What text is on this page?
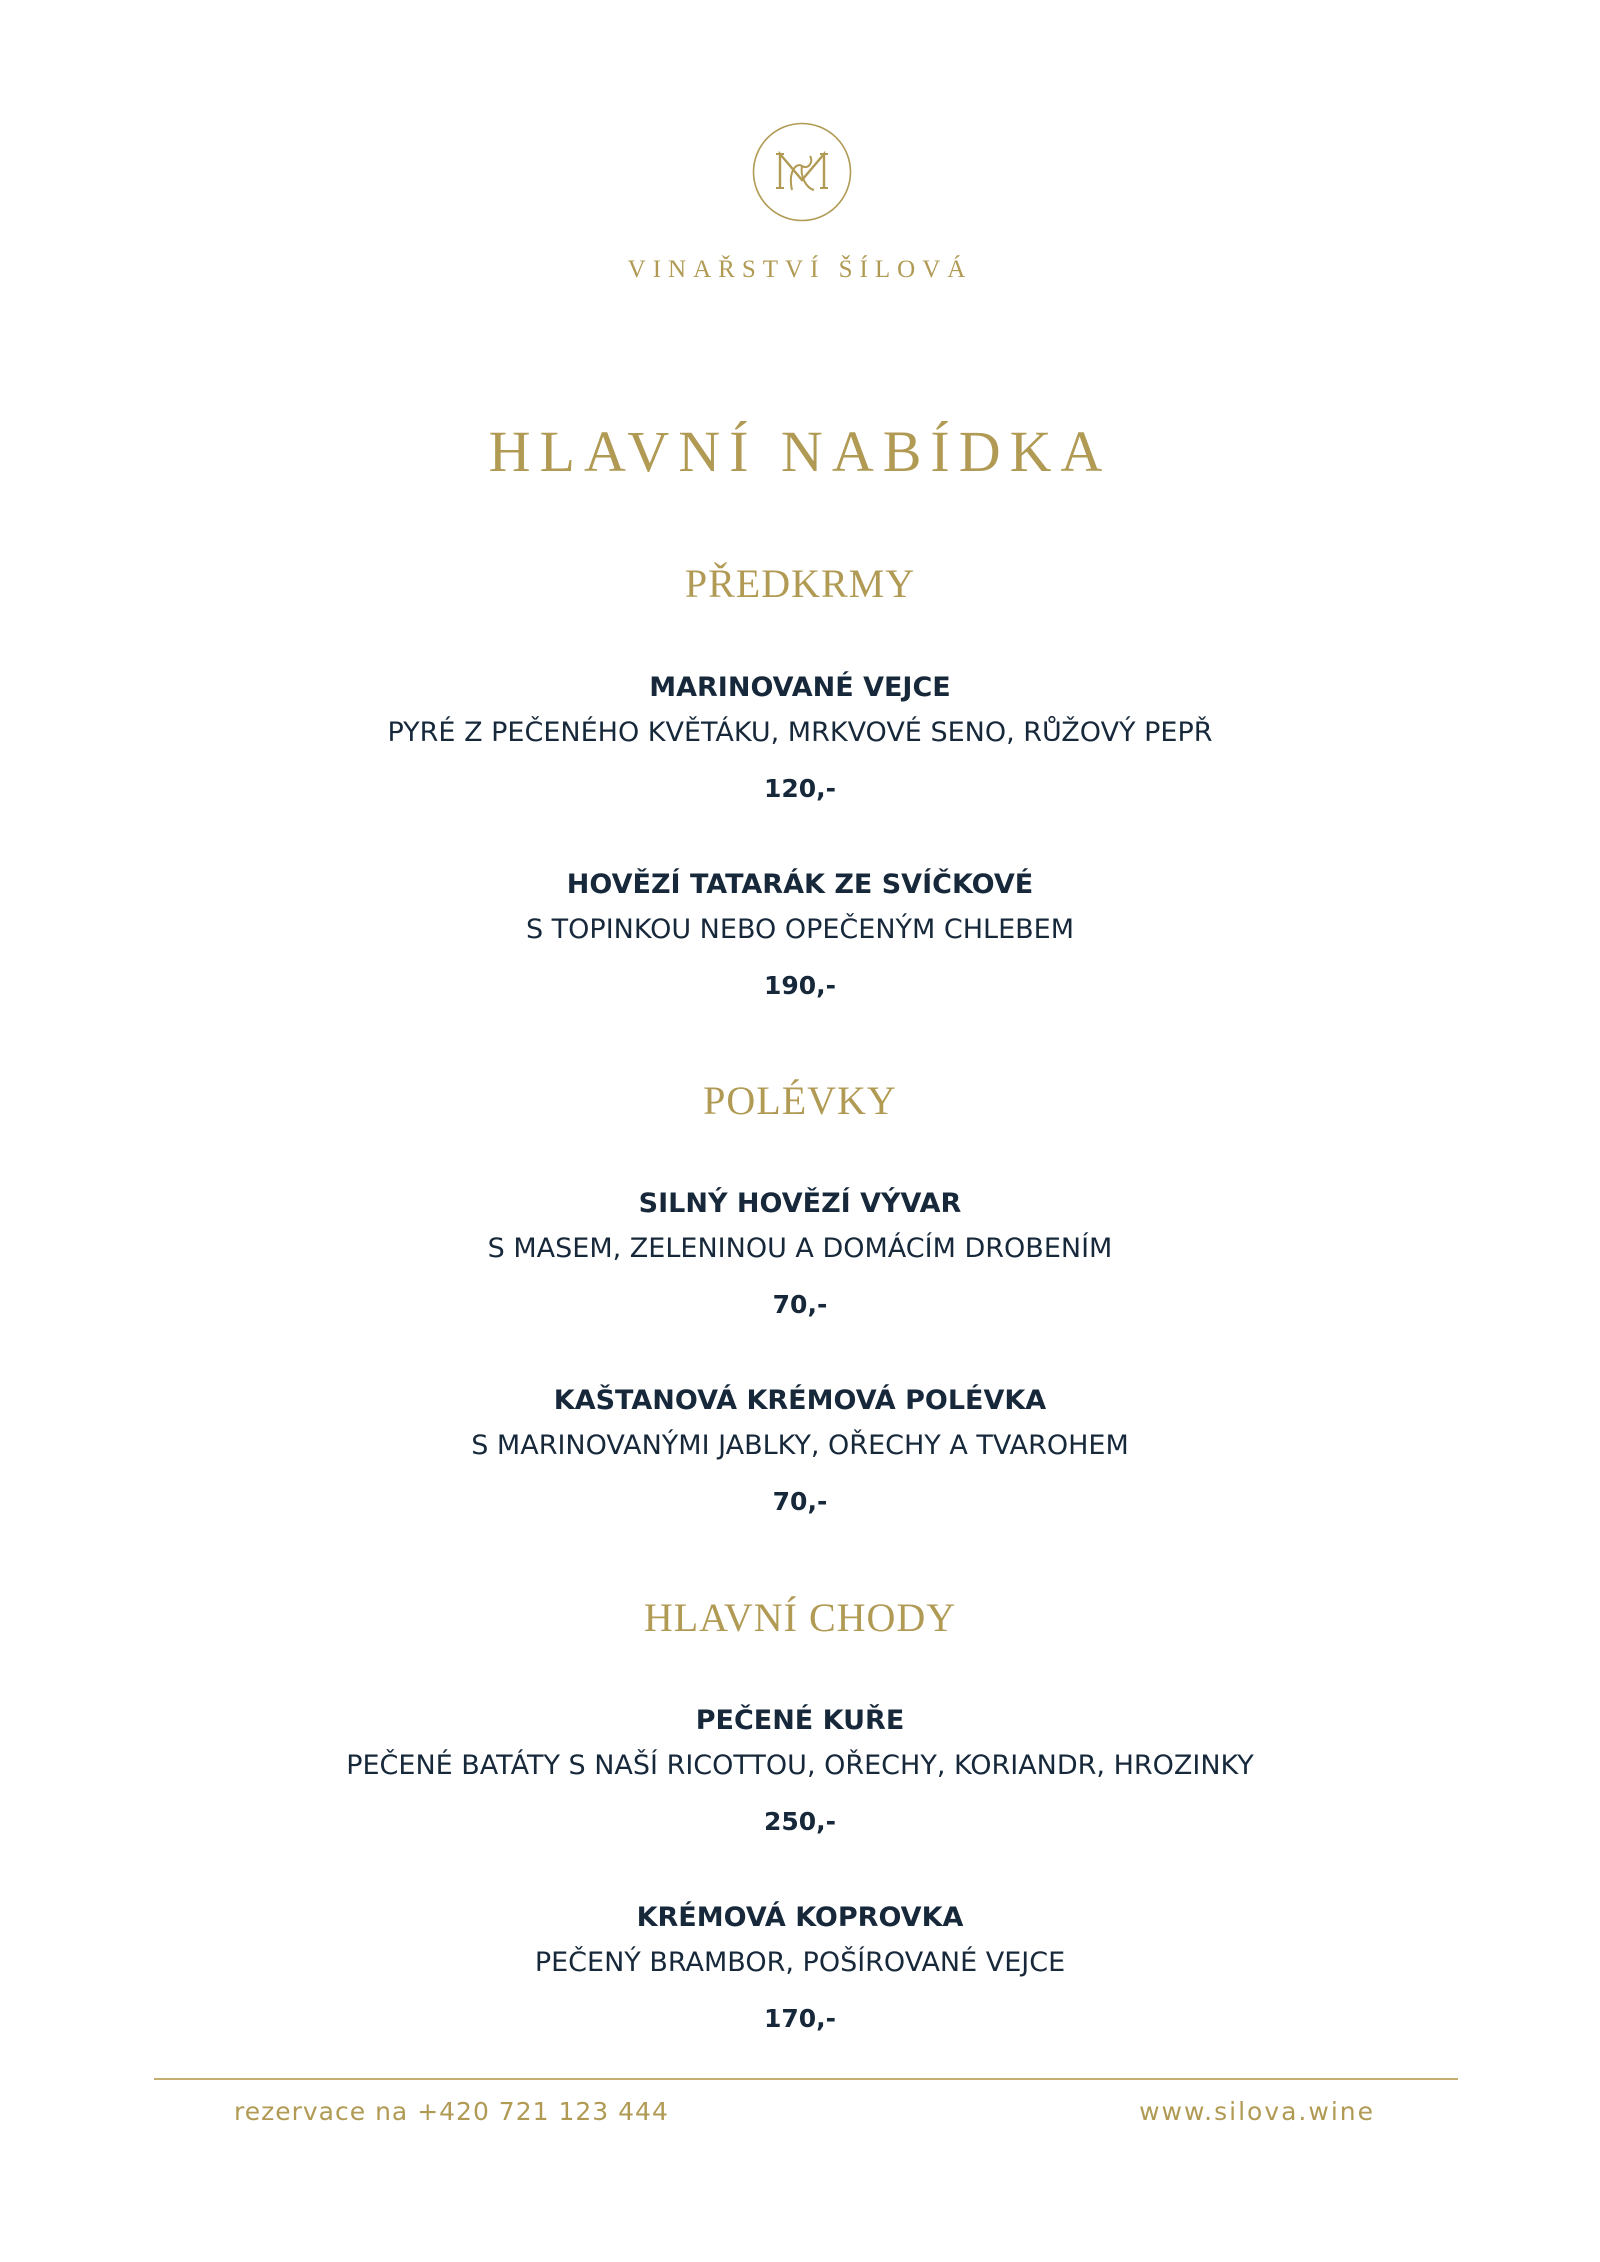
VINAŘSTVÍ ŠÍLOVÁ
HLAVNÍ NABÍDKA
PŘEDKRMY
MARINOVANÉ VEJCE
PYRÉ Z PEČENÉHO KVĚTÁKU, MRKVOVÉ SENO, RŮŽOVÝ PEPŘ
120,-
HOVĚZÍ TATARÁK ZE SVÍČKOVÉ
S TOPINKOU NEBO OPEČENÝM CHLEBEM
190,-
POLÉVKY
SILNÝ HOVĚZÍ VÝVAR
S MASEM, ZELENINOU A DOMÁCÍM DROBENÍM
70,-
KAŠTANOVÁ KRÉMOVÁ POLÉVKA
S MARINOVANÝMI JABLKY, OŘECHY A TVAROHEM
70,-
HLAVNÍ CHODY
PEČENÉ KUŘE
PEČENÉ BATÁTY S NAŠÍ RICOTTOU, OŘECHY, KORIANDR, HROZINKY
250,-
KRÉMOVÁ KOPROVKA
PEČENÝ BRAMBOR, POŠÍROVANÉ VEJCE
170,-
rezervace na +420 721 123 444	www.silova.wine
